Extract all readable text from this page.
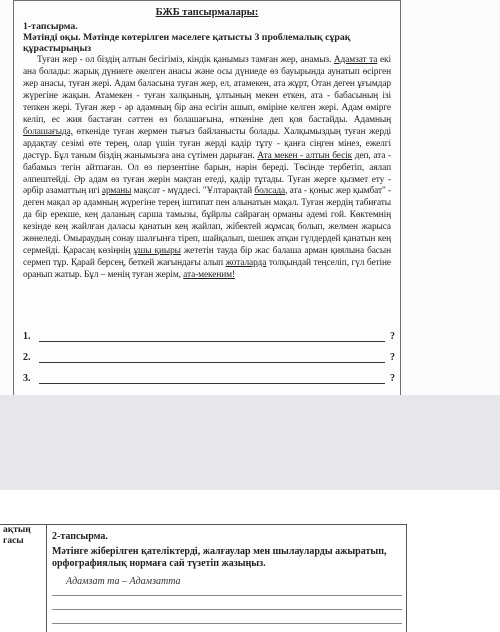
БЖБ тапсырмалары:
1-тапсырма.
Мәтінді оқы. Мәтінде көтерілген мәселеге қатысты 3 проблемалық сұрақ құрастырыңыз

Туған жер - ол біздің алтын бесігіміз, кіндік қанымыз тамған жер, анамыз. Адамзат та екі ана болады: жарық дүниеге әкелген анасы және осы дүниеде өз бауырында аунатып өсірген жер анасы, туған жері. Адам баласына туған жер, ел, атамекен, ата жұрт, Отан деген ұғымдар жүрегіне жақын. Атамекен - туған халқының, ұлтының мекен еткен, ата - бабасының ізі тепкен жері. Туған жер - әр адамның бір ана есігін ашып, өміріне келген жері. Адам өмірге келіп, ес жия бастаған сәттен өз болашағына, өткеніне деп қоя бастайды. Адамның болашағыда, өткеніде туған жермен тығыз байланысты болады. Халқымыздың туған жерді ардақтау сезімі өте терең, олар үшін туған жерді кадір тұту - қанға сіңген мінез, ежелгі дәстүр. Бұл таным біздің жанымызға ана сүтімен дарыған. Ата мекен - алтын бесік деп, ата - бабамыз тегін айтпаған. Ол өз перзентіне барын, нәрін береді. Төсінде тербетіп, аялап әлпештейді. Әр адам өз туған жерін мақтан етеді, қадір тұтады. Туған жерге қызмет ету - әрбір азаматтың игі арманы мақсат - мүддесі. "Ұлтарақтай болсада, ата - қоныс жер қымбат" - деген мақал әр адамның жүрегіне терең іштипат пен алынатын мақал. Туған жердің табиғаты да бір ерекше, кең даланың сарша тамызы, бұйрлы сайрағаң орманы әдемі гой. Көктемнің кезінде кең жайлған даласы қанатын кең жайлап, жібектей жұмсақ болып, желмен жарыса жөнеледі. Омыраудың сонау шалғынға тіреп, шайқалып, шешек атқан гүлдердей қанатын кең сермейді. Қарасаң көзіңнің ұшы қиыры жететін тауда бір жас балаша арман қиялына басын сермеп тұр. Қарай берсең, беткей жағындағы алып жоталарда толқындай теңселіп, гүл бетіне оранып жатыр. Бұл – менің туған жерім, ата-мекеним!

1.	?
2.	?
3.	?
ақтың
гасы	2-тапсырма.
Мәтінге жіберілген қателіктерді, жалғаулар мен шылауларды ажыратып, орфографиялық нормаға сай түзетіп жазыңыз.
Адамзат та – Адамзатта
